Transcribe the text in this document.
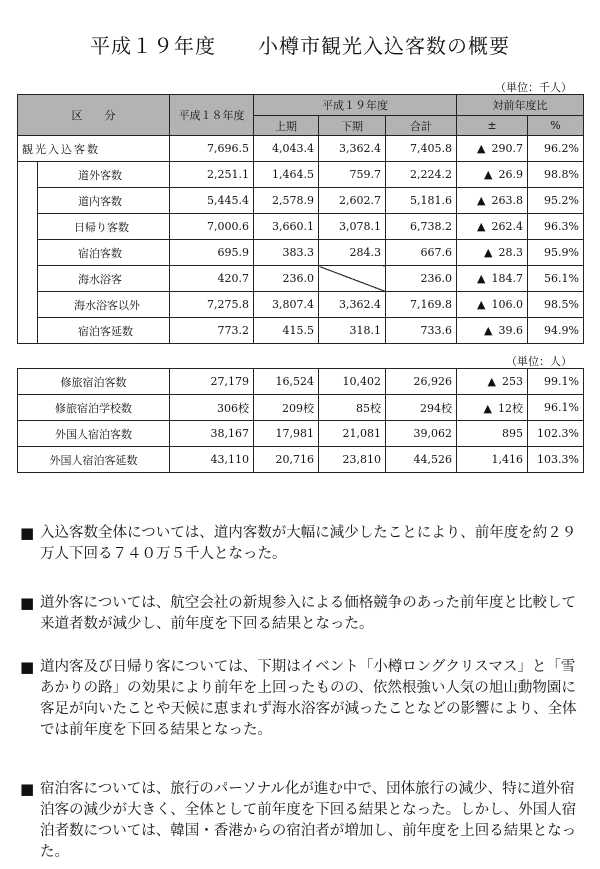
平成１９年度　　小樽市観光入込客数の概要
（単位：千人）
区　　分		平成１８年度	平成１９年度			対前年度比	
			上期	下期	合計	±	%
観光入込客数		7,696.5	4,043.4	3,362.4	7,405.8	▲ 290.7	96.2%
	道外客数	2,251.1	1,464.5	759.7	2,224.2	▲ 26.9	98.8%
	道内客数	5,445.4	2,578.9	2,602.7	5,181.6	▲ 263.8	95.2%
	日帰り客数	7,000.6	3,660.1	3,078.1	6,738.2	▲ 262.4	96.3%
	宿泊客数	695.9	383.3	284.3	667.6	▲ 28.3	95.9%
	海水浴客	420.7	236.0		236.0	▲ 184.7	56.1%
	海水浴客以外	7,275.8	3,807.4	3,362.4	7,169.8	▲ 106.0	98.5%
	宿泊客延数	773.2	415.5	318.1	733.6	▲ 39.6	94.9%
（単位：人）
修旅宿泊客数	27,179	16,524	10,402	26,926	▲ 253	99.1%
修旅宿泊学校数	306校	209校	85校	294校	▲ 12校	96.1%
外国人宿泊客数	38,167	17,981	21,081	39,062	895	102.3%
外国人宿泊客延数	43,110	20,716	23,810	44,526	1,416	103.3%
■ 入込客数全体については、道内客数が大幅に減少したことにより、前年度を約２９万人下回る７４０万５千人となった。
■ 道外客については、航空会社の新規参入による価格競争のあった前年度と比較して来道者数が減少し、前年度を下回る結果となった。
■ 道内客及び日帰り客については、下期はイベント「小樽ロングクリスマス」と「雪あかりの路」の効果により前年を上回ったものの、依然根強い人気の旭山動物園に客足が向いたことや天候に恵まれず海水浴客が減ったことなどの影響により、全体では前年度を下回る結果となった。
■ 宿泊客については、旅行のパーソナル化が進む中で、団体旅行の減少、特に道外宿泊客の減少が大きく、全体として前年度を下回る結果となった。しかし、外国人宿泊者数については、韓国・香港からの宿泊者が増加し、前年度を上回る結果となった。
